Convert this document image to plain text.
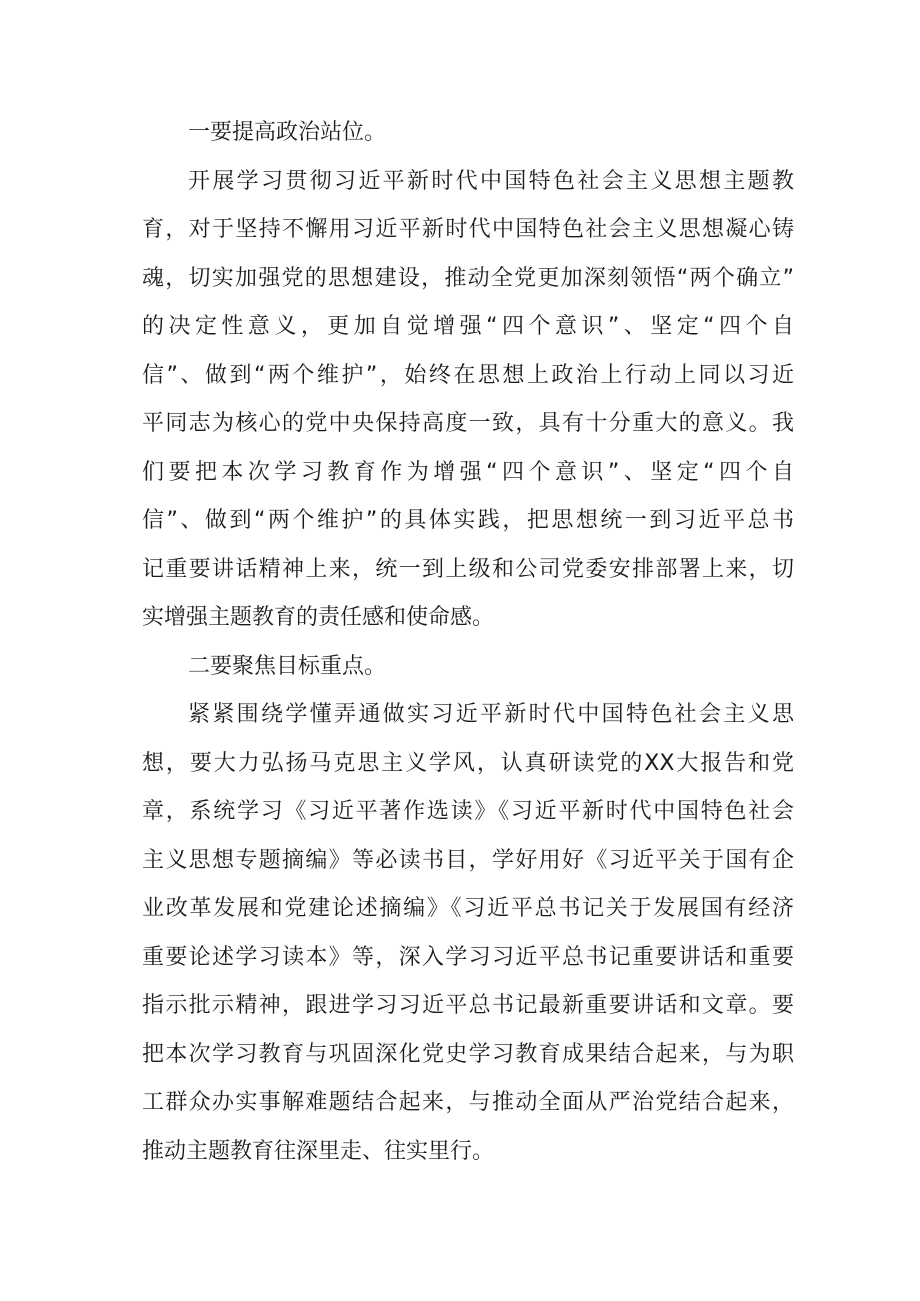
一要提高政治站位。
开展学习贯彻习近平新时代中国特色社会主义思想主题教
育，对于坚持不懈用习近平新时代中国特色社会主义思想凝心铸
魂，切实加强党的思想建设，推动全党更加深刻领悟“两个确立”
的决定性意义，更加自觉增强“四个意识”、坚定“四个自
信”、做到“两个维护”，始终在思想上政治上行动上同以习近
平同志为核心的党中央保持高度一致，具有十分重大的意义。我
们要把本次学习教育作为增强“四个意识”、坚定“四个自
信”、做到“两个维护”的具体实践，把思想统一到习近平总书
记重要讲话精神上来，统一到上级和公司党委安排部署上来，切
实增强主题教育的责任感和使命感。
二要聚焦目标重点。
紧紧围绕学懂弄通做实习近平新时代中国特色社会主义思
想，要大力弘扬马克思主义学风，认真研读党的XX大报告和党
章，系统学习《习近平著作选读》《习近平新时代中国特色社会
主义思想专题摘编》等必读书目，学好用好《习近平关于国有企
业改革发展和党建论述摘编》《习近平总书记关于发展国有经济
重要论述学习读本》等，深入学习习近平总书记重要讲话和重要
指示批示精神，跟进学习习近平总书记最新重要讲话和文章。要
把本次学习教育与巩固深化党史学习教育成果结合起来，与为职
工群众办实事解难题结合起来，与推动全面从严治党结合起来，
推动主题教育往深里走、往实里行。
